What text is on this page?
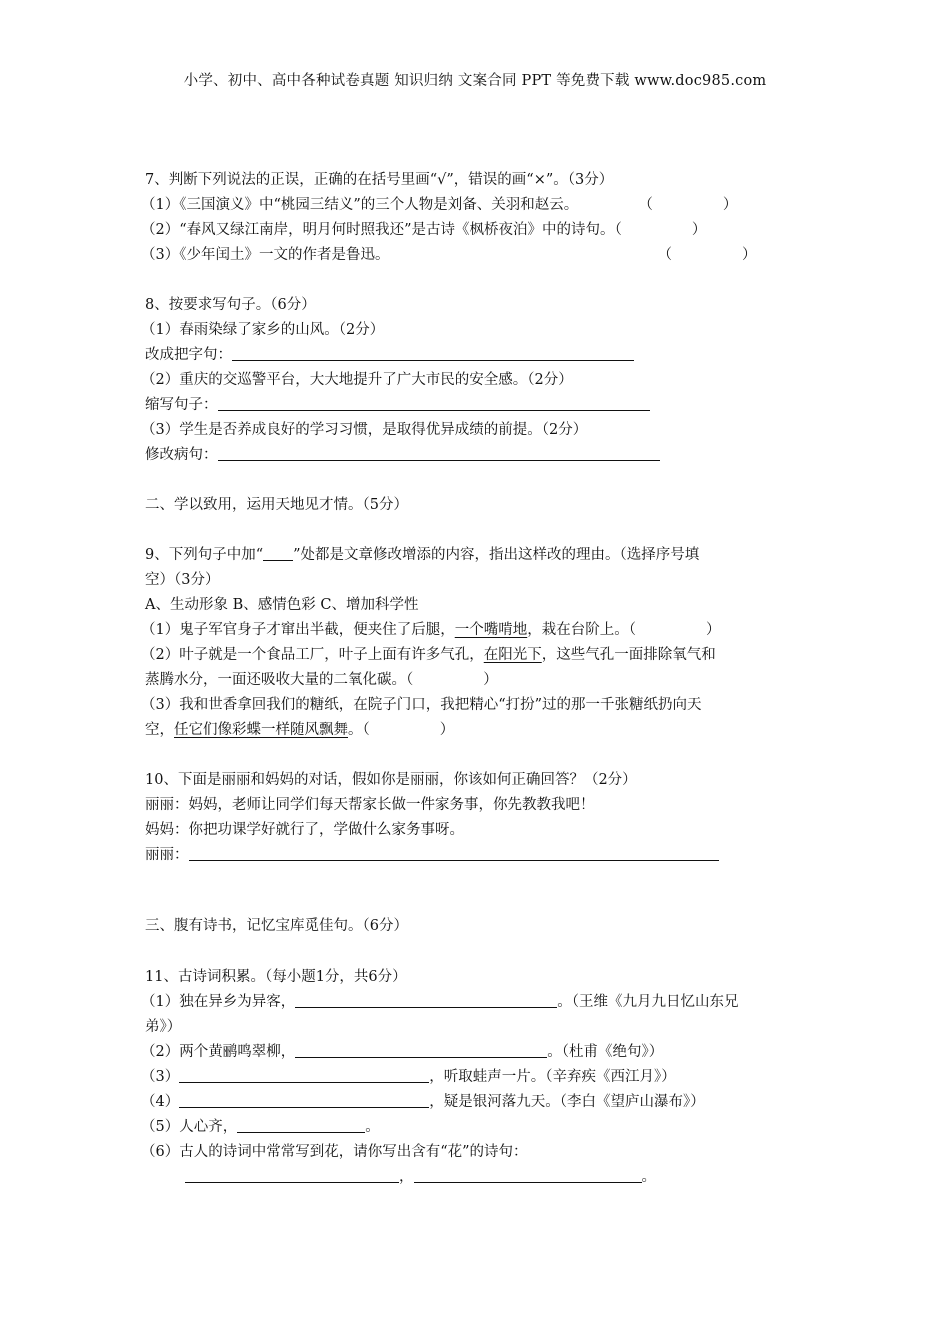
小学、初中、高中各种试卷真题 知识归纳 文案合同 PPT 等免费下载 www.doc985.com
7、判断下列说法的正误，正确的在括号里画“√”，错误的画“×”。（3分）
（1）《三国演义》中“桃园三结义”的三个人物是刘备、关羽和赵云。	（	）
（2）“春风又绿江南岸，明月何时照我还”是古诗《枫桥夜泊》中的诗句。（	）
（3）《少年闰土》一文的作者是鲁迅。	（	）
8、按要求写句子。（6分）
（1）春雨染绿了家乡的山风。（2分）
改成把字句：
（2）重庆的交巡警平台，大大地提升了广大市民的安全感。（2分）
缩写句子：
（3）学生是否养成良好的学习习惯，是取得优异成绩的前提。（2分）
修改病句：
二、学以致用，运用天地见才情。（5分）
9、下列句子中加“ ”处都是文章修改增添的内容，指出这样改的理由。（选择序号填
空）（3分）
A、生动形象 B、感情色彩 C、增加科学性
（1）鬼子军官身子才窜出半截，便夹住了后腿，一个嘴啃地，栽在台阶上。（	）
（2）叶子就是一个食品工厂，叶子上面有许多气孔，在阳光下，这些气孔一面排除氧气和
蒸腾水分，一面还吸收大量的二氧化碳。（	）
（3）我和世香拿回我们的糖纸，在院子门口，我把精心“打扮”过的那一千张糖纸扔向天
空，任它们像彩蝶一样随风飘舞。（	）
10、下面是丽丽和妈妈的对话，假如你是丽丽，你该如何正确回答？（2分）
丽丽：妈妈，老师让同学们每天帮家长做一件家务事，你先教教我吧！
妈妈：你把功课学好就行了，学做什么家务事呀。
丽丽：
三、腹有诗书，记忆宝库觅佳句。（6分）
11、古诗词积累。（每小题1分，共6分）
（1）独在异乡为异客，	。（王维《九月九日忆山东兄
弟》）
（2）两个黄鹂鸣翠柳，	。（杜甫《绝句》）
（3）	，听取蛙声一片。（辛弃疾《西江月》）
（4）	，疑是银河落九天。（李白《望庐山瀑布》）
（5）人心齐，	。
（6）古人的诗词中常常写到花，请你写出含有“花”的诗句：
，	。
